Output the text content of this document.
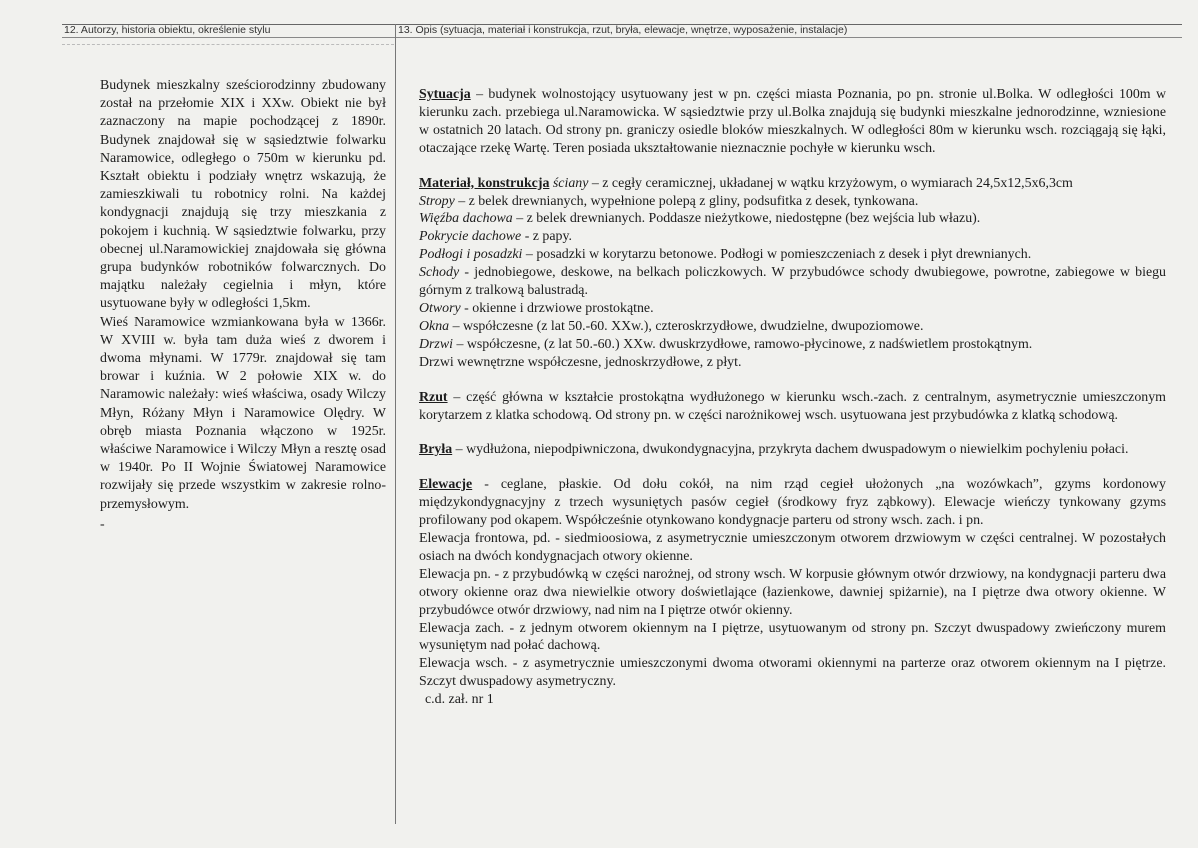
12. Autorzy, historia obiektu, określenie stylu	13. Opis (sytuacja, materiał i konstrukcja, rzut, bryła, elewacje, wnętrze, wyposażenie, instalacje)

Budynek mieszkalny sześciorodzinny zbudowany został na przełomie XIX i XXw. Obiekt nie był zaznaczony na mapie pochodzącej z 1890r. Budynek znajdował się w sąsiedztwie folwarku Naramowice, odległego o 750m w kierunku pd. Kształt obiektu i podziały wnętrz wskazują, że zamieszkiwali tu robotnicy rolni. Na każdej kondygnacji znajdują się trzy mieszkania z pokojem i kuchnią. W sąsiedztwie folwarku, przy obecnej ul.Naramowickiej znajdowała się główna grupa budynków robotników folwarcznych. Do majątku należały cegielnia i młyn, które usytuowane były w odległości 1,5km.

Wieś Naramowice wzmiankowana była w 1366r. W XVIII w. była tam duża wieś z dworem i dwoma młynami. W 1779r. znajdował się tam browar i kuźnia. W 2 połowie XIX w. do Naramowic należały: wieś właściwa, osady Wilczy Młyn, Różany Młyn i Naramowice Olędry. W obręb miasta Poznania włączono w 1925r. właściwe Naramowice i Wilczy Młyn a resztę osad w 1940r. Po II Wojnie Światowej Naramowice rozwijały się przede wszystkim w zakresie rolno-przemysłowym.

-

Sytuacja – budynek wolnostojący usytuowany jest w pn. części miasta Poznania, po pn. stronie ul.Bolka. W odległości 100m w kierunku zach. przebiega ul.Naramowicka. W sąsiedztwie przy ul.Bolka znajdują się budynki mieszkalne jednorodzinne, wzniesione w ostatnich 20 latach. Od strony pn. graniczy osiedle bloków mieszkalnych. W odległości 80m w kierunku wsch. rozciągają się łąki, otaczające rzekę Wartę. Teren posiada ukształtowanie nieznacznie pochyłe w kierunku wsch.

Materiał, konstrukcja ściany – z cegły ceramicznej, układanej w wątku krzyżowym, o wymiarach 24,5x12,5x6,3cm

Stropy – z belek drewnianych, wypełnione polepą z gliny, podsufitka z desek, tynkowana.

Więźba dachowa – z belek drewnianych. Poddasze nieżytkowe, niedostępne (bez wejścia lub włazu).

Pokrycie dachowe - z papy.

Podłogi i posadzki – posadzki w korytarzu betonowe. Podłogi w pomieszczeniach z desek i płyt drewnianych.

Schody - jednobiegowe, deskowe, na belkach policzkowych. W przybudówce schody dwubiegowe, powrotne, zabiegowe w biegu górnym z tralkową balustradą.

Otwory - okienne i drzwiowe prostokątne.

Okna – współczesne (z lat 50.-60. XXw.), czteroskrzydłowe, dwudzielne, dwupoziomowe.

Drzwi – współczesne, (z lat 50.-60.) XXw. dwuskrzydłowe, ramowo-płycinowe, z nadświetlem prostokątnym.

Drzwi wewnętrzne współczesne, jednoskrzydłowe, z płyt.

Rzut – część główna w kształcie prostokątna wydłużonego w kierunku wsch.-zach. z centralnym, asymetrycznie umieszczonym korytarzem z klatka schodową. Od strony pn. w części narożnikowej wsch. usytuowana jest przybudówka z klatką schodową.

Bryła – wydłużona, niepodpiwniczona, dwukondygnacyjna, przykryta dachem dwuspadowym o niewielkim pochyleniu połaci.

Elewacje - ceglane, płaskie. Od dołu cokół, na nim rząd cegieł ułożonych „na wozówkach”, gzyms kordonowy międzykondygnacyjny z trzech wysuniętych pasów cegieł (środkowy fryz ząbkowy). Elewacje wieńczy tynkowany gzyms profilowany pod okapem. Współcześnie otynkowano kondygnacje parteru od strony wsch. zach. i pn.

Elewacja frontowa, pd. - siedmioosiowa, z asymetrycznie umieszczonym otworem drzwiowym w części centralnej. W pozostałych osiach na dwóch kondygnacjach otwory okienne.

Elewacja pn. - z przybudówką w części narożnej, od strony wsch. W korpusie głównym otwór drzwiowy, na kondygnacji parteru dwa otwory okienne oraz dwa niewielkie otwory doświetlające (łazienkowe, dawniej spiżarnie), na I piętrze dwa otwory okienne. W przybudówce otwór drzwiowy, nad nim na I piętrze otwór okienny.

Elewacja zach. - z jednym otworem okiennym na I piętrze, usytuowanym od strony pn. Szczyt dwuspadowy zwieńczony murem wysuniętym nad połać dachową.

Elewacja wsch. - z asymetrycznie umieszczonymi dwoma otworami okiennymi na parterze oraz otworem okiennym na I piętrze. Szczyt dwuspadowy asymetryczny.

c.d. zał. nr 1
